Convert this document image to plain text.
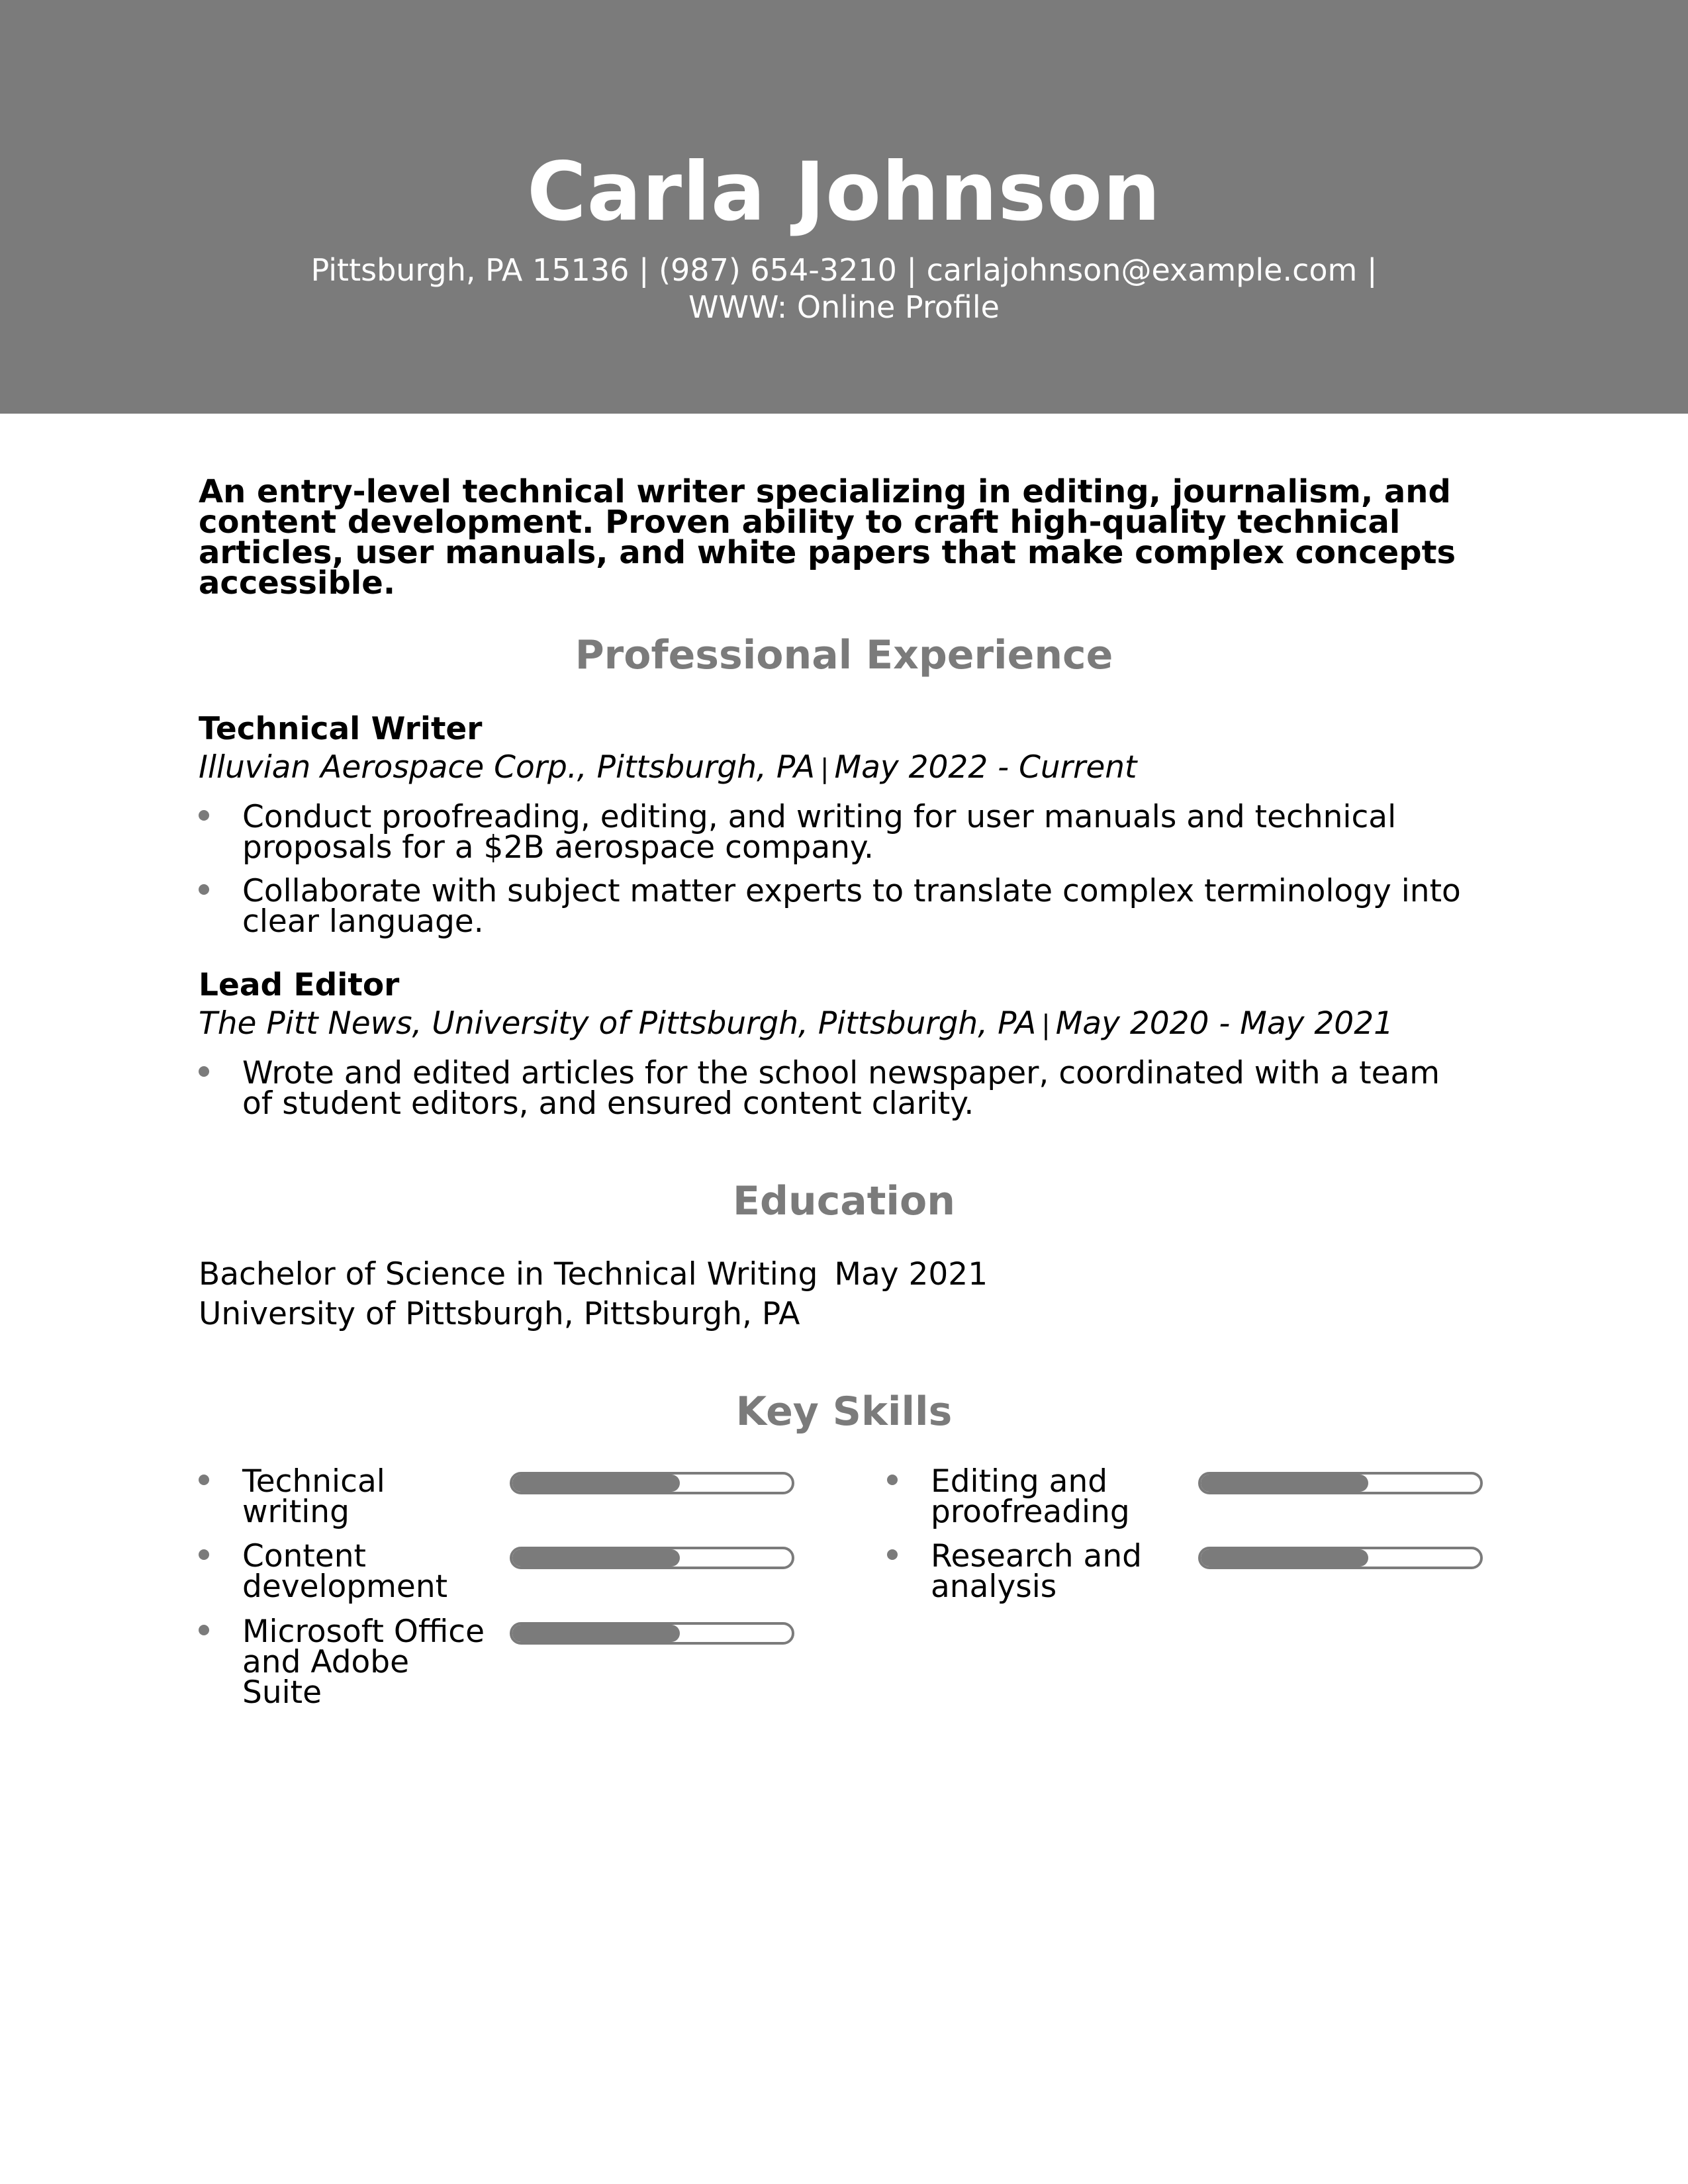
Carla Johnson
Pittsburgh, PA 15136 | (987) 654-3210 | carlajohnson@example.com |
WWW: Online Profile
An entry-level technical writer specializing in editing, journalism, and content development. Proven ability to craft high-quality technical articles, user manuals, and white papers that make complex concepts accessible.
Professional Experience
Technical Writer
Illuvian Aerospace Corp., Pittsburgh, PA | May 2022 - Current
Conduct proofreading, editing, and writing for user manuals and technical proposals for a $2B aerospace company.
Collaborate with subject matter experts to translate complex terminology into clear language.
Lead Editor
The Pitt News, University of Pittsburgh, Pittsburgh, PA | May 2020 - May 2021
Wrote and edited articles for the school newspaper, coordinated with a team of student editors, and ensured content clarity.
Education
Bachelor of Science in Technical Writing May 2021
University of Pittsburgh, Pittsburgh, PA
Key Skills
Technical writing
Editing and proofreading
Content development
Research and analysis
Microsoft Office and Adobe Suite
